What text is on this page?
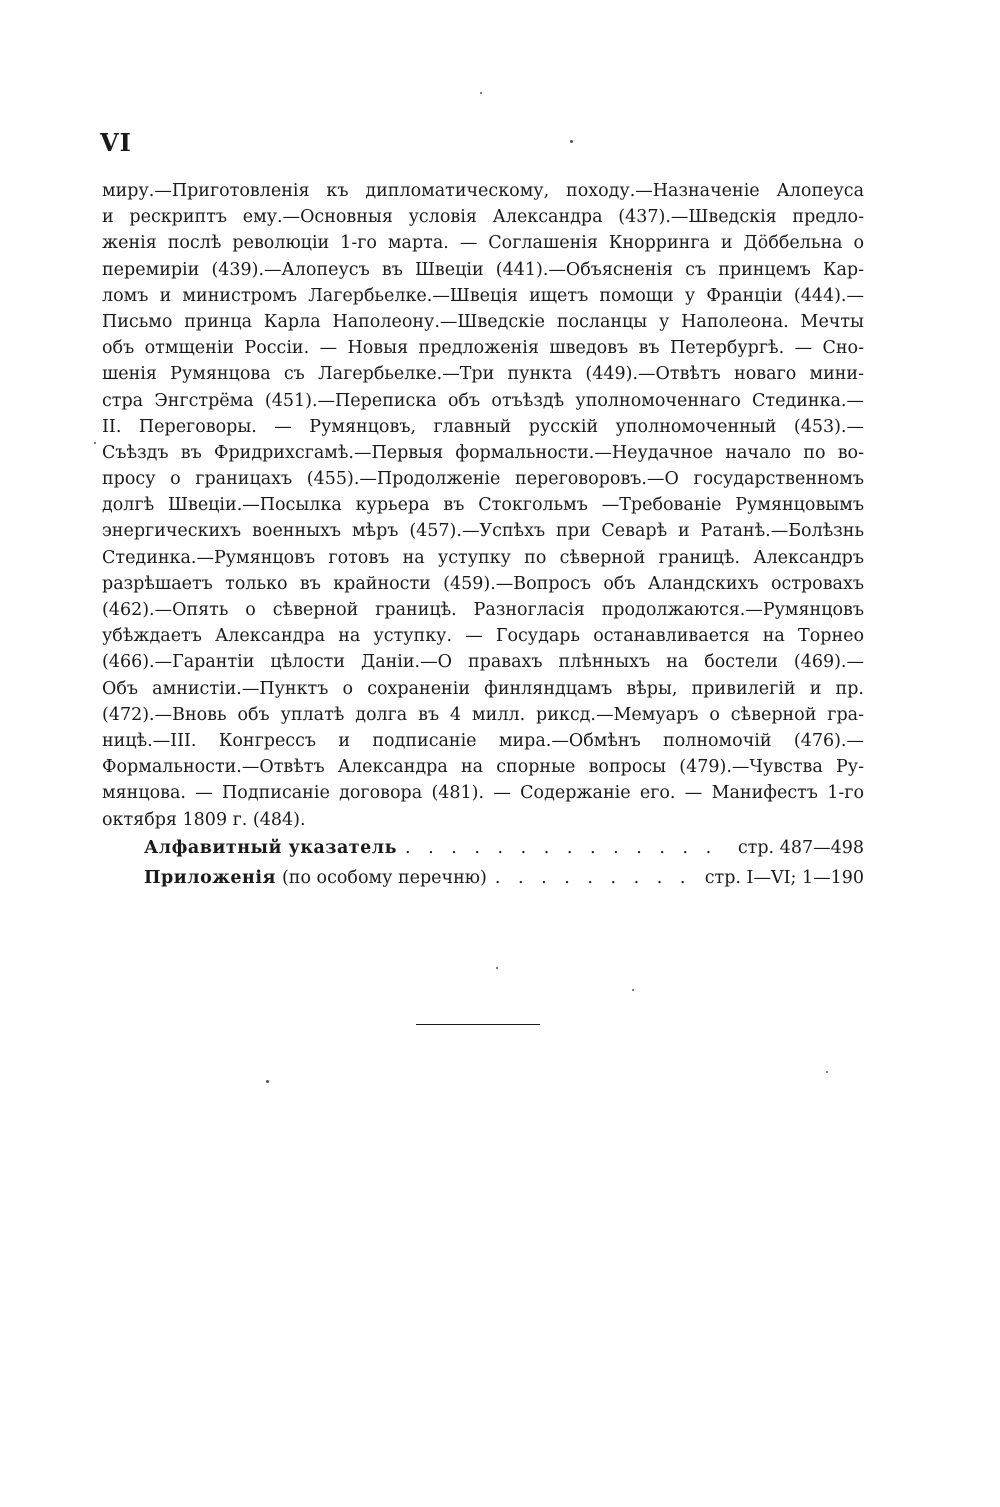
VI
миру.—Приготовленія къ дипломатическому, походу.—Назначеніе Алопеуса
и рескриптъ ему.—Основныя условія Александра (437).—Шведскія предло-
женія послѣ революціи 1-го марта. — Соглашенія Кнорринга и Дӧббельна о
перемиріи (439).—Алопеусъ въ Швеціи (441).—Объясненія съ принцемъ Кар-
ломъ и министромъ Лагербьелке.—Швеція ищетъ помощи у Франціи (444).—
Письмо принца Карла Наполеону.—Шведскіе посланцы у Наполеона. Мечты
объ отмщеніи Россіи. — Новыя предложенія шведовъ въ Петербургѣ. — Сно-
шенія Румянцова съ Лагербьелке.—Три пункта (449).—Отвѣтъ новаго мини-
стра Энгстрёма (451).—Переписка объ отъѣздѣ уполномоченнаго Стединка.—
II. Переговоры. — Румянцовъ, главный русскій уполномоченный (453).—
Съѣздъ въ Фридрихсгамѣ.—Первыя формальности.—Неудачное начало по во-
просу о границахъ (455).—Продолженіе переговоровъ.—О государственномъ
долгѣ Швеціи.—Посылка курьера въ Стокгольмъ —Требованіе Румянцовымъ
энергическихъ военныхъ мѣръ (457).—Успѣхъ при Севарѣ и Ратанѣ.—Болѣзнь
Стединка.—Румянцовъ готовъ на уступку по сѣверной границѣ. Александръ
разрѣшаетъ только въ крайности (459).—Вопросъ объ Аландскихъ островахъ
(462).—Опять о сѣверной границѣ. Разногласія продолжаются.—Румянцовъ
убѣждаетъ Александра на уступку. — Государь останавливается на Торнео
(466).—Гарантіи цѣлости Даніи.—О правахъ плѣнныхъ на бостели (469).—
Объ амнистіи.—Пунктъ о сохраненіи финляндцамъ вѣры, привилегій и пр.
(472).—Вновь объ уплатѣ долга въ 4 милл. риксд.—Мемуаръ о сѣверной гра-
ницѣ.—III. Конгрессъ и подписаніе мира.—Обмѣнъ полномочій (476).—
Формальности.—Отвѣтъ Александра на спорные вопросы (479).—Чувства Ру-
мянцова. — Подписаніе договора (481). — Содержаніе его. — Манифестъ 1-го
октября 1809 г. (484).
Алфавитный указатель . . .	стр. 487—498
Приложенія (по особому перечню) . . .	стр. I—VI; 1—190
